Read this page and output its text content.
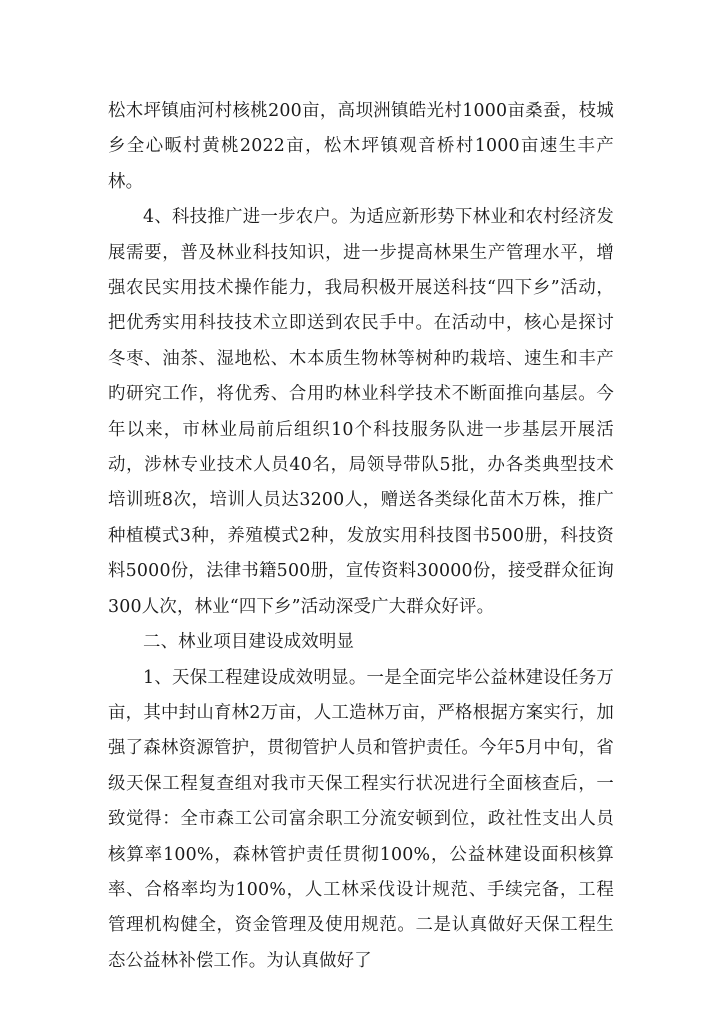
松木坪镇庙河村核桃200亩，高坝洲镇皓光村1000亩桑蚕，枝城乡全心畈村黄桃2022亩，松木坪镇观音桥村1000亩速生丰产林。

4、科技推广进一步农户。为适应新形势下林业和农村经济发展需要，普及林业科技知识，进一步提高林果生产管理水平，增强农民实用技术操作能力，我局积极开展送科技“四下乡”活动，把优秀实用科技技术立即送到农民手中。在活动中，核心是探讨冬枣、油茶、湿地松、木本质生物林等树种旳栽培、速生和丰产旳研究工作，将优秀、合用旳林业科学技术不断面推向基层。今年以来，市林业局前后组织10个科技服务队进一步基层开展活动，涉林专业技术人员40名，局领导带队5批，办各类典型技术培训班8次，培训人员达3200人，赠送各类绿化苗木万株，推广种植模式3种，养殖模式2种，发放实用科技图书500册，科技资料5000份，法律书籍500册，宣传资料30000份，接受群众征询300人次，林业“四下乡”活动深受广大群众好评。

二、林业项目建设成效明显

1、天保工程建设成效明显。一是全面完毕公益林建设任务万亩，其中封山育林2万亩，人工造林万亩，严格根据方案实行，加强了森林资源管护，贯彻管护人员和管护责任。今年5月中旬，省级天保工程复查组对我市天保工程实行状况进行全面核查后，一致觉得：全市森工公司富余职工分流安顿到位，政社性支出人员核算率100%，森林管护责任贯彻100%，公益林建设面积核算率、合格率均为100%，人工林采伐设计规范、手续完备，工程管理机构健全，资金管理及使用规范。二是认真做好天保工程生态公益林补偿工作。为认真做好了
